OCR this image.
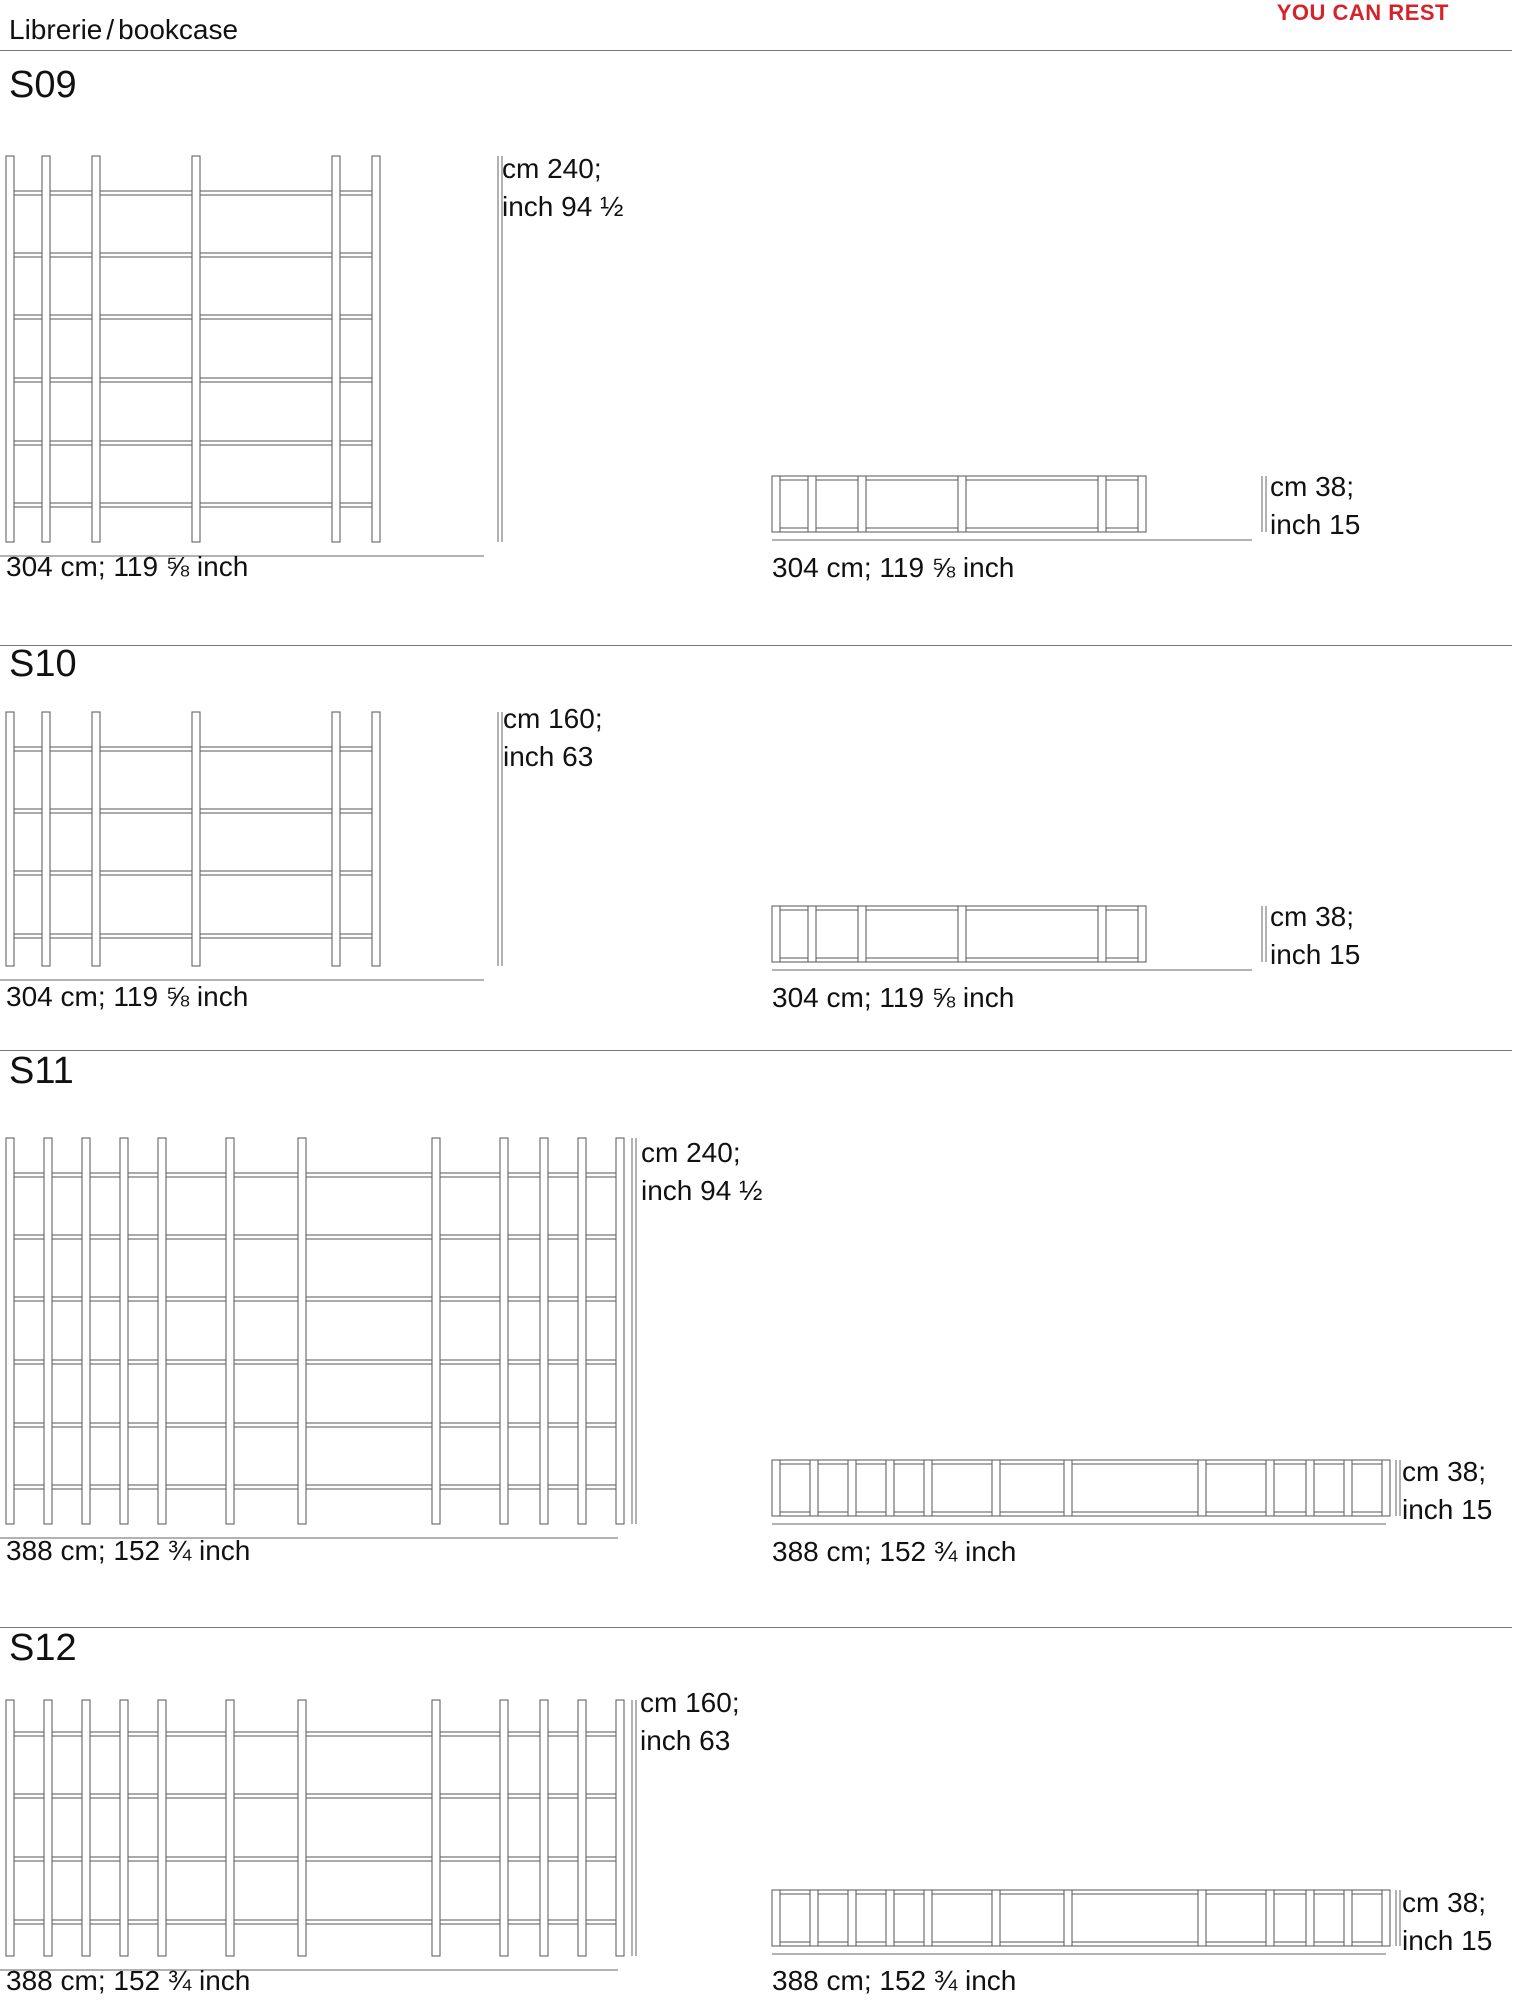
Librerie / bookcase
YOU CAN REST
S09
cm 240;
inch 94 ½
304 cm; 119 ⅝ inch
cm 38;
inch 15
304 cm; 119 ⅝ inch
S10
cm 160;
inch 63
304 cm; 119 ⅝ inch
cm 38;
inch 15
304 cm; 119 ⅝ inch
S11
cm 240;
inch 94 ½
388 cm; 152 ¾ inch
cm 38;
inch 15
388 cm; 152 ¾ inch
S12
cm 160;
inch 63
388 cm; 152 ¾ inch
cm 38;
inch 15
388 cm; 152 ¾ inch
